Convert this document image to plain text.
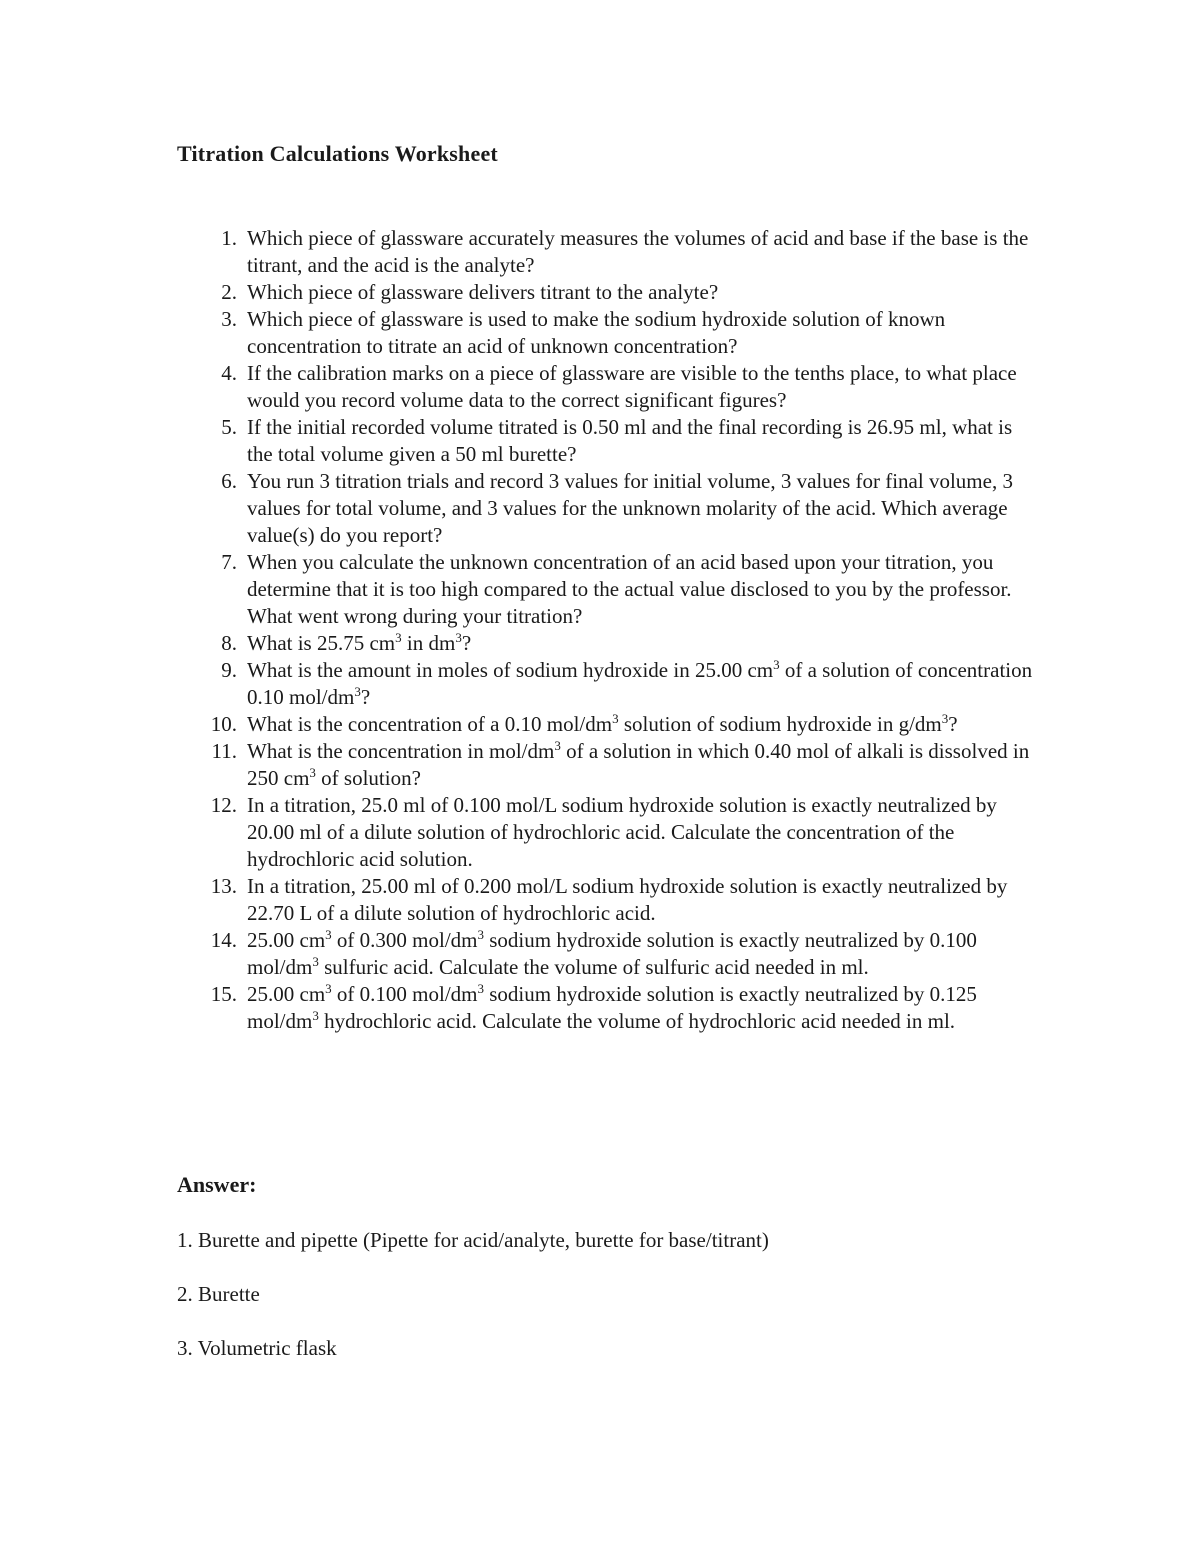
Titration Calculations Worksheet
1. Which piece of glassware accurately measures the volumes of acid and base if the base is the titrant, and the acid is the analyte?
2. Which piece of glassware delivers titrant to the analyte?
3. Which piece of glassware is used to make the sodium hydroxide solution of known concentration to titrate an acid of unknown concentration?
4. If the calibration marks on a piece of glassware are visible to the tenths place, to what place would you record volume data to the correct significant figures?
5. If the initial recorded volume titrated is 0.50 ml and the final recording is 26.95 ml, what is the total volume given a 50 ml burette?
6. You run 3 titration trials and record 3 values for initial volume, 3 values for final volume, 3 values for total volume, and 3 values for the unknown molarity of the acid. Which average value(s) do you report?
7. When you calculate the unknown concentration of an acid based upon your titration, you determine that it is too high compared to the actual value disclosed to you by the professor. What went wrong during your titration?
8. What is 25.75 $cm^3$ in $dm^3$?
9. What is the amount in moles of sodium hydroxide in 25.00 $cm^3$ of a solution of concentration 0.10 mol/$dm^3$?
10. What is the concentration of a 0.10 mol/$dm^3$ solution of sodium hydroxide in $g/dm^3$?
11. What is the concentration in mol/$dm^3$ of a solution in which 0.40 mol of alkali is dissolved in 250 $cm^3$ of solution?
12. In a titration, 25.0 ml of 0.100 mol/L sodium hydroxide solution is exactly neutralized by 20.00 ml of a dilute solution of hydrochloric acid. Calculate the concentration of the hydrochloric acid solution.
13. In a titration, 25.00 ml of 0.200 mol/L sodium hydroxide solution is exactly neutralized by 22.70 L of a dilute solution of hydrochloric acid.
14. 25.00 $cm^3$ of 0.300 mol/$dm^3$ sodium hydroxide solution is exactly neutralized by 0.100 mol/$dm^3$ sulfuric acid. Calculate the volume of sulfuric acid needed in ml.
15. 25.00 $cm^3$ of 0.100 mol/$dm^3$ sodium hydroxide solution is exactly neutralized by 0.125 mol/$dm^3$ hydrochloric acid. Calculate the volume of hydrochloric acid needed in ml.
Answer:

1. Burette and pipette (Pipette for acid/analyte, burette for base/titrant)

2. Burette

3. Volumetric flask
